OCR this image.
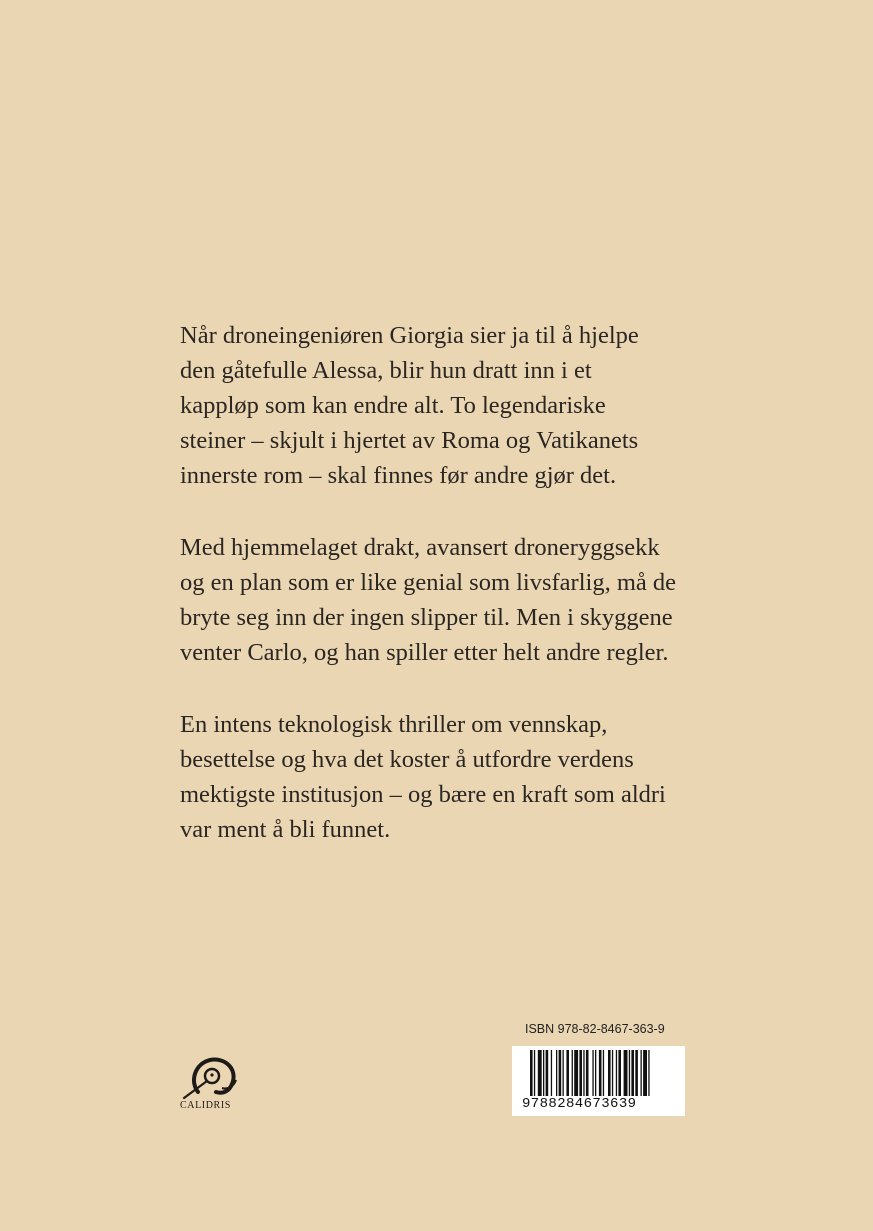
Når droneingeniøren Giorgia sier ja til å hjelpe
den gåtefulle Alessa, blir hun dratt inn i et
kappløp som kan endre alt. To legendariske
steiner – skjult i hjertet av Roma og Vatikanets
innerste rom – skal finnes før andre gjør det.

Med hjemmelaget drakt, avansert droneryggsekk
og en plan som er like genial som livsfarlig, må de
bryte seg inn der ingen slipper til. Men i skyggene
venter Carlo, og han spiller etter helt andre regler.

En intens teknologisk thriller om vennskap,
besettelse og hva det koster å utfordre verdens
mektigste institusjon – og bære en kraft som aldri
var ment å bli funnet.

CALIDRIS
ISBN 978-82-8467-363-9
9788284673639
